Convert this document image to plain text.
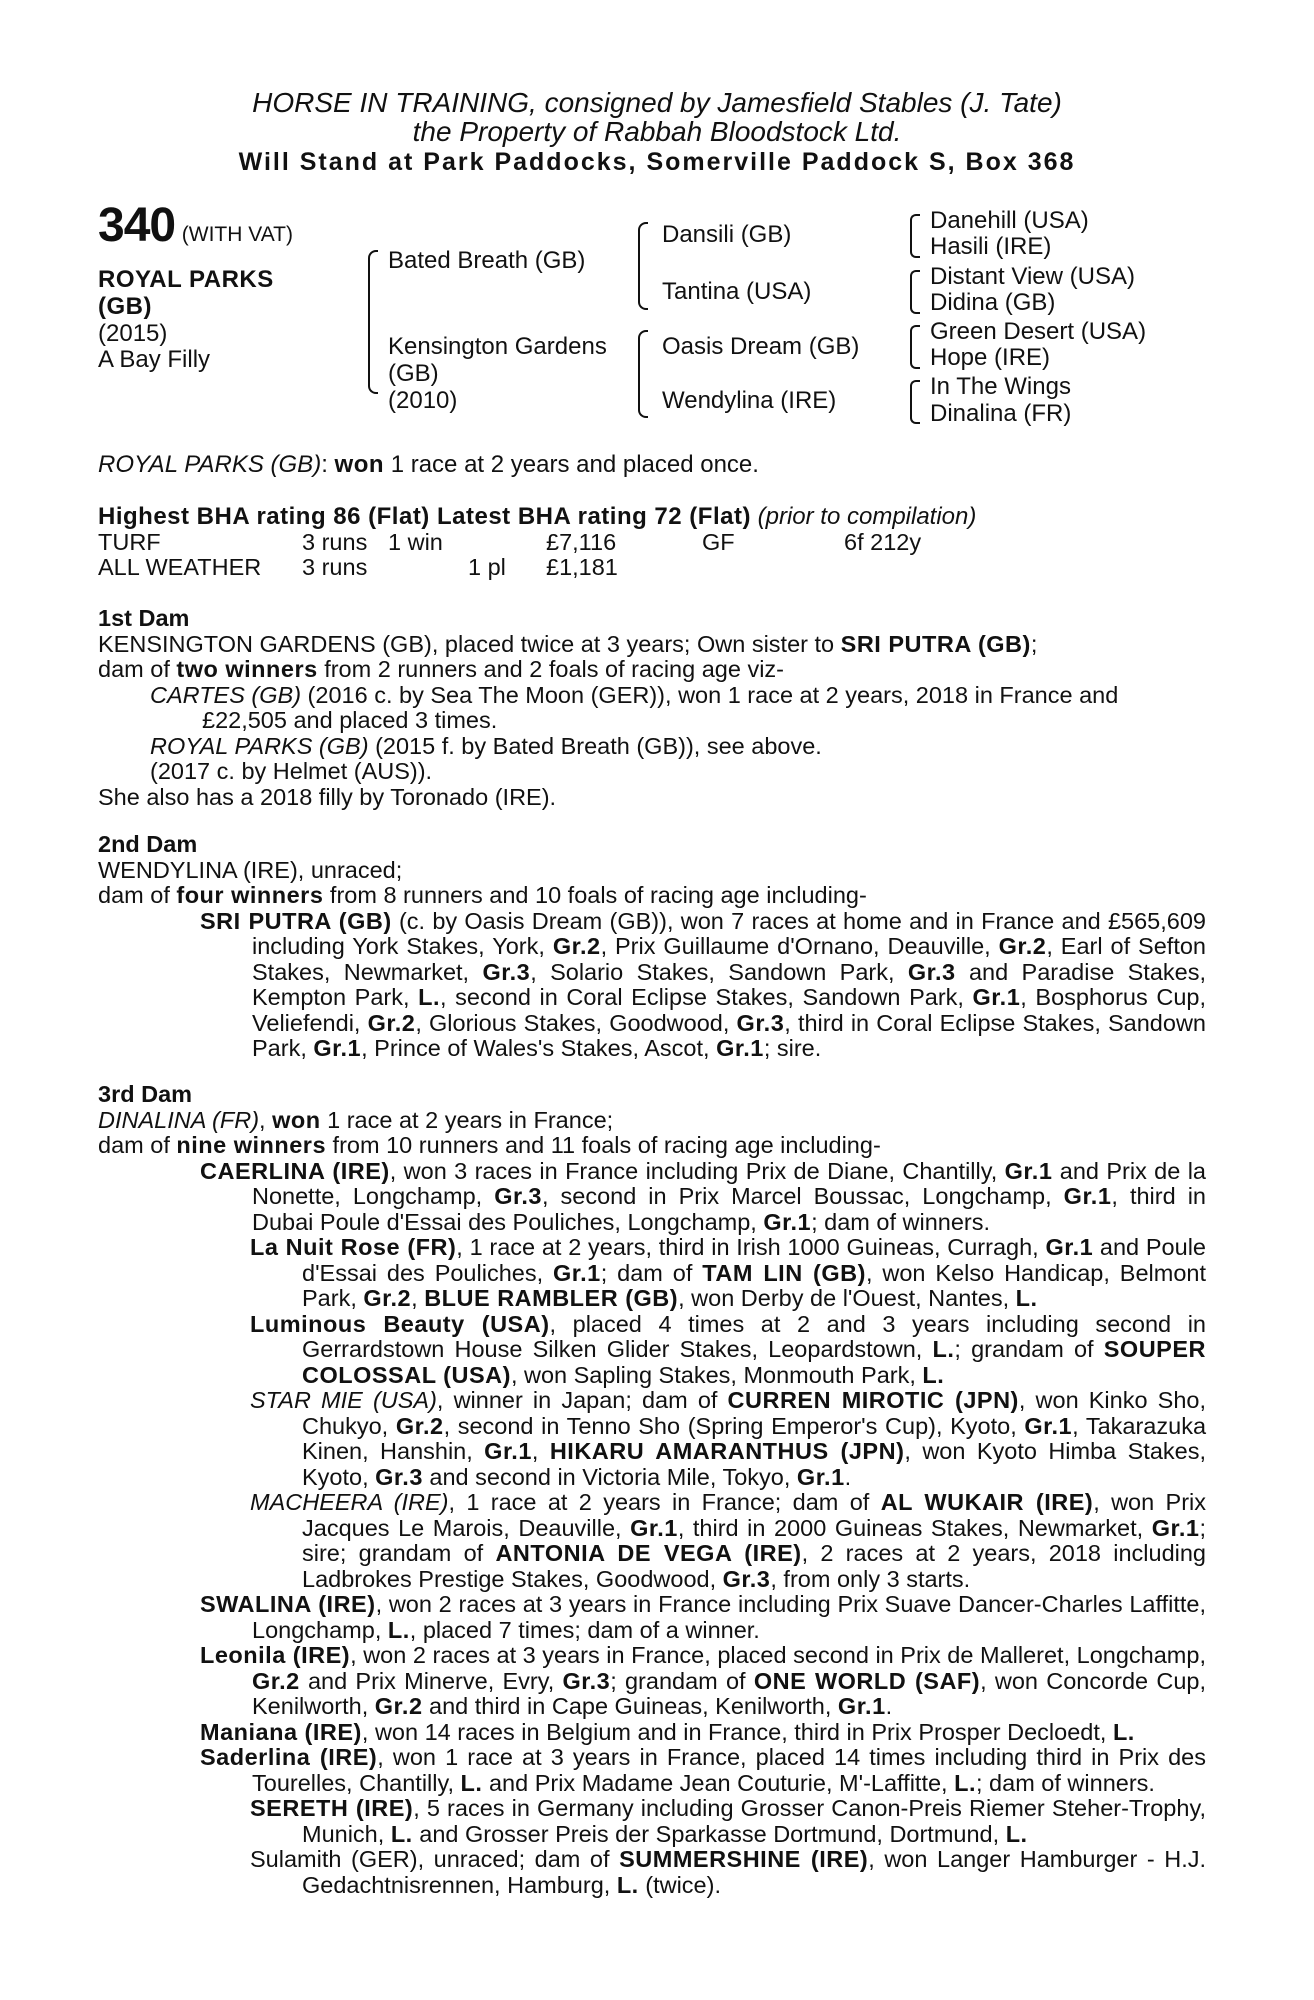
HORSE IN TRAINING, consigned by Jamesfield Stables (J. Tate)
the Property of Rabbah Bloodstock Ltd.
Will Stand at Park Paddocks, Somerville Paddock S, Box 368
340 (WITH VAT)
ROYAL PARKS
(GB)
(2015)
A Bay Filly
Bated Breath (GB)
Kensington Gardens
(GB)
(2010)
Dansili (GB)
Tantina (USA)
Oasis Dream (GB)
Wendylina (IRE)
Danehill (USA)
Hasili (IRE)
Distant View (USA)
Didina (GB)
Green Desert (USA)
Hope (IRE)
In The Wings
Dinalina (FR)
ROYAL PARKS (GB): won 1 race at 2 years and placed once.
Highest BHA rating 86 (Flat) Latest BHA rating 72 (Flat) (prior to compilation)
TURF	3 runs 1 win	£7,116	GF	6f 212y
ALL WEATHER 3 runs	1 pl £1,181

1st Dam

KENSINGTON GARDENS (GB), placed twice at 3 years; Own sister to SRI PUTRA (GB);

dam of two winners from 2 runners and 2 foals of racing age viz-

CARTES (GB) (2016 c. by Sea The Moon (GER)), won 1 race at 2 years, 2018 in France and £22,505 and placed 3 times.

ROYAL PARKS (GB) (2015 f. by Bated Breath (GB)), see above.

(2017 c. by Helmet (AUS)).

She also has a 2018 filly by Toronado (IRE).

2nd Dam

WENDYLINA (IRE), unraced;

dam of four winners from 8 runners and 10 foals of racing age including-

SRI PUTRA (GB) (c. by Oasis Dream (GB)), won 7 races at home and in France and £565,609 including York Stakes, York, Gr.2, Prix Guillaume d'Ornano, Deauville, Gr.2, Earl of Sefton Stakes, Newmarket, Gr.3, Solario Stakes, Sandown Park, Gr.3 and Paradise Stakes, Kempton Park, L., second in Coral Eclipse Stakes, Sandown Park, Gr.1, Bosphorus Cup, Veliefendi, Gr.2, Glorious Stakes, Goodwood, Gr.3, third in Coral Eclipse Stakes, Sandown Park, Gr.1, Prince of Wales's Stakes, Ascot, Gr.1; sire.

3rd Dam

DINALINA (FR), won 1 race at 2 years in France;

dam of nine winners from 10 runners and 11 foals of racing age including-

CAERLINA (IRE), won 3 races in France including Prix de Diane, Chantilly, Gr.1 and Prix de la Nonette, Longchamp, Gr.3, second in Prix Marcel Boussac, Longchamp, Gr.1, third in Dubai Poule d'Essai des Pouliches, Longchamp, Gr.1; dam of winners.

La Nuit Rose (FR), 1 race at 2 years, third in Irish 1000 Guineas, Curragh, Gr.1 and Poule d'Essai des Pouliches, Gr.1; dam of TAM LIN (GB), won Kelso Handicap, Belmont Park, Gr.2, BLUE RAMBLER (GB), won Derby de l'Ouest, Nantes, L.

Luminous Beauty (USA), placed 4 times at 2 and 3 years including second in Gerrardstown House Silken Glider Stakes, Leopardstown, L.; grandam of SOUPER COLOSSAL (USA), won Sapling Stakes, Monmouth Park, L.

STAR MIE (USA), winner in Japan; dam of CURREN MIROTIC (JPN), won Kinko Sho, Chukyo, Gr.2, second in Tenno Sho (Spring Emperor's Cup), Kyoto, Gr.1, Takarazuka Kinen, Hanshin, Gr.1, HIKARU AMARANTHUS (JPN), won Kyoto Himba Stakes, Kyoto, Gr.3 and second in Victoria Mile, Tokyo, Gr.1.

MACHEERA (IRE), 1 race at 2 years in France; dam of AL WUKAIR (IRE), won Prix Jacques Le Marois, Deauville, Gr.1, third in 2000 Guineas Stakes, Newmarket, Gr.1; sire; grandam of ANTONIA DE VEGA (IRE), 2 races at 2 years, 2018 including Ladbrokes Prestige Stakes, Goodwood, Gr.3, from only 3 starts.

SWALINA (IRE), won 2 races at 3 years in France including Prix Suave Dancer-Charles Laffitte, Longchamp, L., placed 7 times; dam of a winner.

Leonila (IRE), won 2 races at 3 years in France, placed second in Prix de Malleret, Longchamp, Gr.2 and Prix Minerve, Evry, Gr.3; grandam of ONE WORLD (SAF), won Concorde Cup, Kenilworth, Gr.2 and third in Cape Guineas, Kenilworth, Gr.1.

Maniana (IRE), won 14 races in Belgium and in France, third in Prix Prosper Decloedt, L.

Saderlina (IRE), won 1 race at 3 years in France, placed 14 times including third in Prix des Tourelles, Chantilly, L. and Prix Madame Jean Couturie, M'-Laffitte, L.; dam of winners.

SERETH (IRE), 5 races in Germany including Grosser Canon-Preis Riemer Steher-Trophy, Munich, L. and Grosser Preis der Sparkasse Dortmund, Dortmund, L.

Sulamith (GER), unraced; dam of SUMMERSHINE (IRE), won Langer Hamburger - H.J. Gedachtnisrennen, Hamburg, L. (twice).
